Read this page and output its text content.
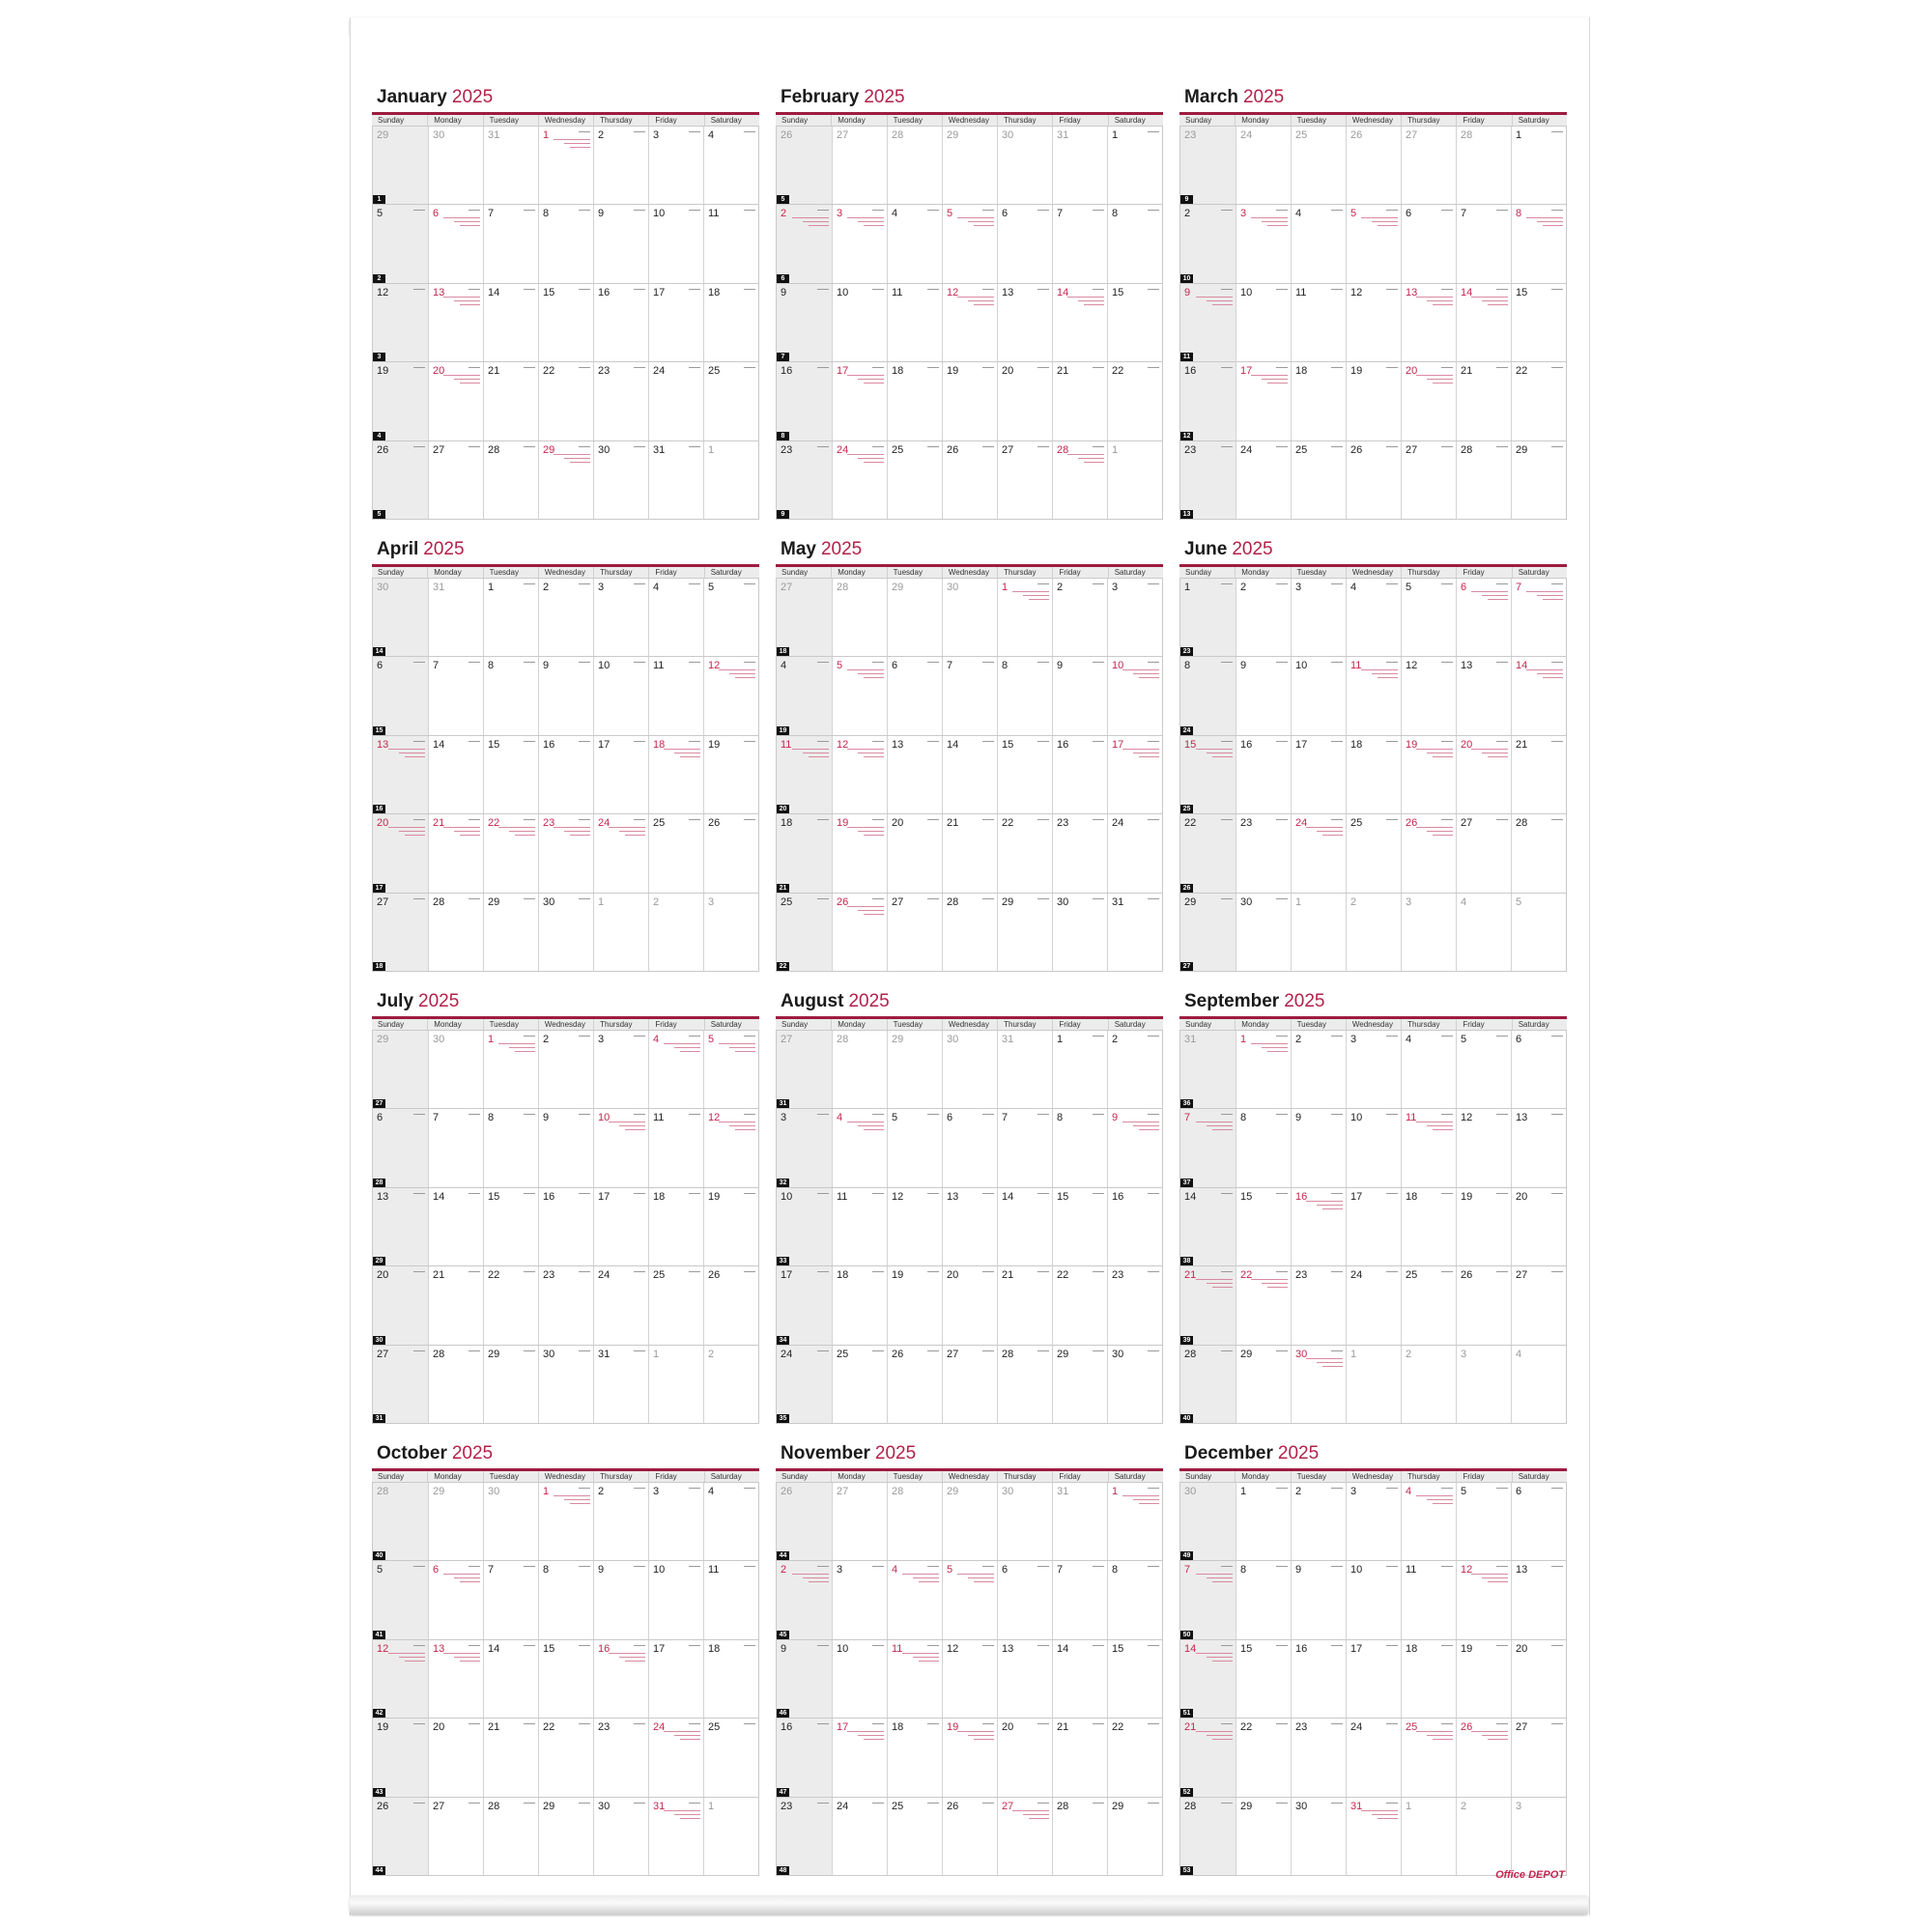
January 2025
Sunday	Monday	Tuesday	Wednesday	Thursday	Friday	Saturday
29	30	31	1	2	3	4
1
5	6	7	8	9	10	11
2
12	13	14	15	16	17	18
3
19	20	21	22	23	24	25
4
26	27	28	29	30	31	1
5
February 2025
Sunday	Monday	Tuesday	Wednesday	Thursday	Friday	Saturday
26	27	28	29	30	31	1
5
2	3	4	5	6	7	8
6
9	10	11	12	13	14	15
7
16	17	18	19	20	21	22
8
23	24	25	26	27	28	1
9
March 2025
Sunday	Monday	Tuesday	Wednesday	Thursday	Friday	Saturday
23	24	25	26	27	28	1
9
2	3	4	5	6	7	8
10
9	10	11	12	13	14	15
11
16	17	18	19	20	21	22
12
23	24	25	26	27	28	29
13
April 2025
Sunday	Monday	Tuesday	Wednesday	Thursday	Friday	Saturday
30	31	1	2	3	4	5
14
6	7	8	9	10	11	12
15
13	14	15	16	17	18	19
16
20	21	22	23	24	25	26
17
27	28	29	30	1	2	3
18
May 2025
Sunday	Monday	Tuesday	Wednesday	Thursday	Friday	Saturday
27	28	29	30	1	2	3
18
4	5	6	7	8	9	10
19
11	12	13	14	15	16	17
20
18	19	20	21	22	23	24
21
25	26	27	28	29	30	31
22
June 2025
Sunday	Monday	Tuesday	Wednesday	Thursday	Friday	Saturday
1	2	3	4	5	6	7
23
8	9	10	11	12	13	14
24
15	16	17	18	19	20	21
25
22	23	24	25	26	27	28
26
29	30	1	2	3	4	5
27
July 2025
Sunday	Monday	Tuesday	Wednesday	Thursday	Friday	Saturday
29	30	1	2	3	4	5
27
6	7	8	9	10	11	12
28
13	14	15	16	17	18	19
29
20	21	22	23	24	25	26
30
27	28	29	30	31	1	2
31
August 2025
Sunday	Monday	Tuesday	Wednesday	Thursday	Friday	Saturday
27	28	29	30	31	1	2
31
3	4	5	6	7	8	9
32
10	11	12	13	14	15	16
33
17	18	19	20	21	22	23
34
24	25	26	27	28	29	30
35
September 2025
Sunday	Monday	Tuesday	Wednesday	Thursday	Friday	Saturday
31	1	2	3	4	5	6
36
7	8	9	10	11	12	13
37
14	15	16	17	18	19	20
38
21	22	23	24	25	26	27
39
28	29	30	1	2	3	4
40
October 2025
Sunday	Monday	Tuesday	Wednesday	Thursday	Friday	Saturday
28	29	30	1	2	3	4
40
5	6	7	8	9	10	11
41
12	13	14	15	16	17	18
42
19	20	21	22	23	24	25
43
26	27	28	29	30	31	1
44
November 2025
Sunday	Monday	Tuesday	Wednesday	Thursday	Friday	Saturday
26	27	28	29	30	31	1
44
2	3	4	5	6	7	8
45
9	10	11	12	13	14	15
46
16	17	18	19	20	21	22
47
23	24	25	26	27	28	29
48
December 2025
Sunday	Monday	Tuesday	Wednesday	Thursday	Friday	Saturday
30	1	2	3	4	5	6
49
7	8	9	10	11	12	13
50
14	15	16	17	18	19	20
51
21	22	23	24	25	26	27
52
28	29	30	31	1	2	3
53	Office DEPOT
